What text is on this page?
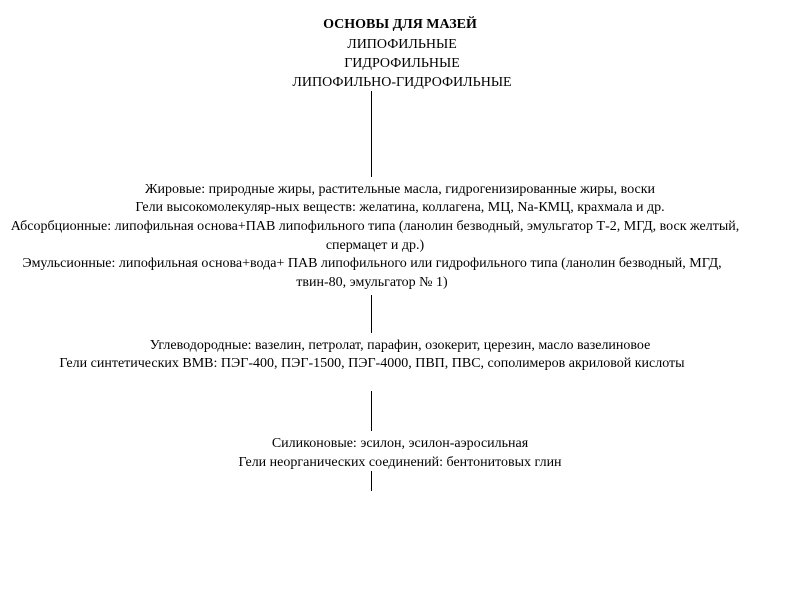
ОСНОВЫ ДЛЯ МАЗЕЙ
ЛИПОФИЛЬНЫЕ
ГИДРОФИЛЬНЫЕ
ЛИПОФИЛЬНО-ГИДРОФИЛЬНЫЕ
Жировые: природные жиры, растительные масла, гидрогенизированные жиры, воски
Гели высокомолекуляр-ных веществ: желатина, коллагена, МЦ, Na-КМЦ, крахмала и др.
Абсорбционные: липофильная основа+ПАВ липофильного типа (ланолин безводный, эмульгатор Т-2, МГД, воск желтый, спермацет и др.)
Эмульсионные: липофильная основа+вода+ ПАВ липофильного или гидрофильного типа (ланолин безводный, МГД, твин-80, эмульгатор № 1)
Углеводородные: вазелин, петролат, парафин, озокерит, церезин, масло вазелиновое
Гели синтетических ВМВ: ПЭГ-400, ПЭГ-1500, ПЭГ-4000, ПВП, ПВС, сополимеров акриловой кислоты
Силиконовые: эсилон, эсилон-аэросильная
Гели неорганических соединений: бентонитовых глин
